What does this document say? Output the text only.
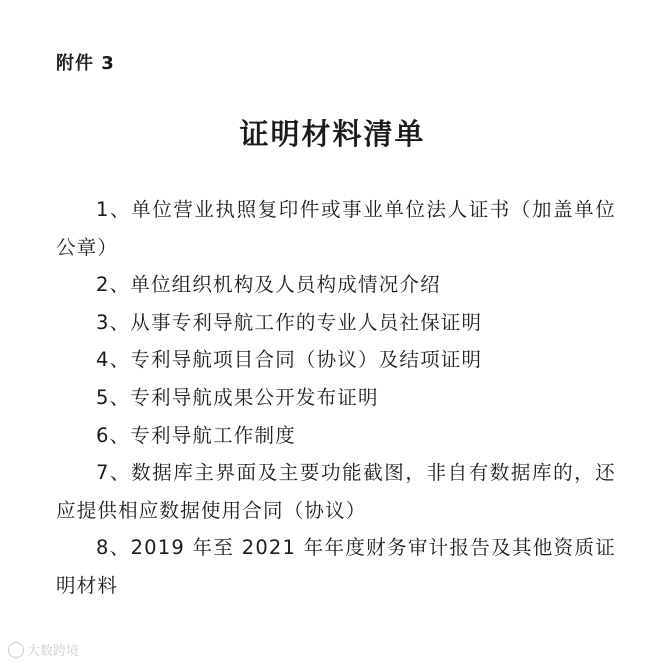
附件 3
证明材料清单
1、单位营业执照复印件或事业单位法人证书（加盖单位公章）
2、单位组织机构及人员构成情况介绍
3、从事专利导航工作的专业人员社保证明
4、专利导航项目合同（协议）及结项证明
5、专利导航成果公开发布证明
6、专利导航工作制度
7、数据库主界面及主要功能截图，非自有数据库的，还应提供相应数据使用合同（协议）
8、2019 年至 2021 年年度财务审计报告及其他资质证明材料
大数跨境
